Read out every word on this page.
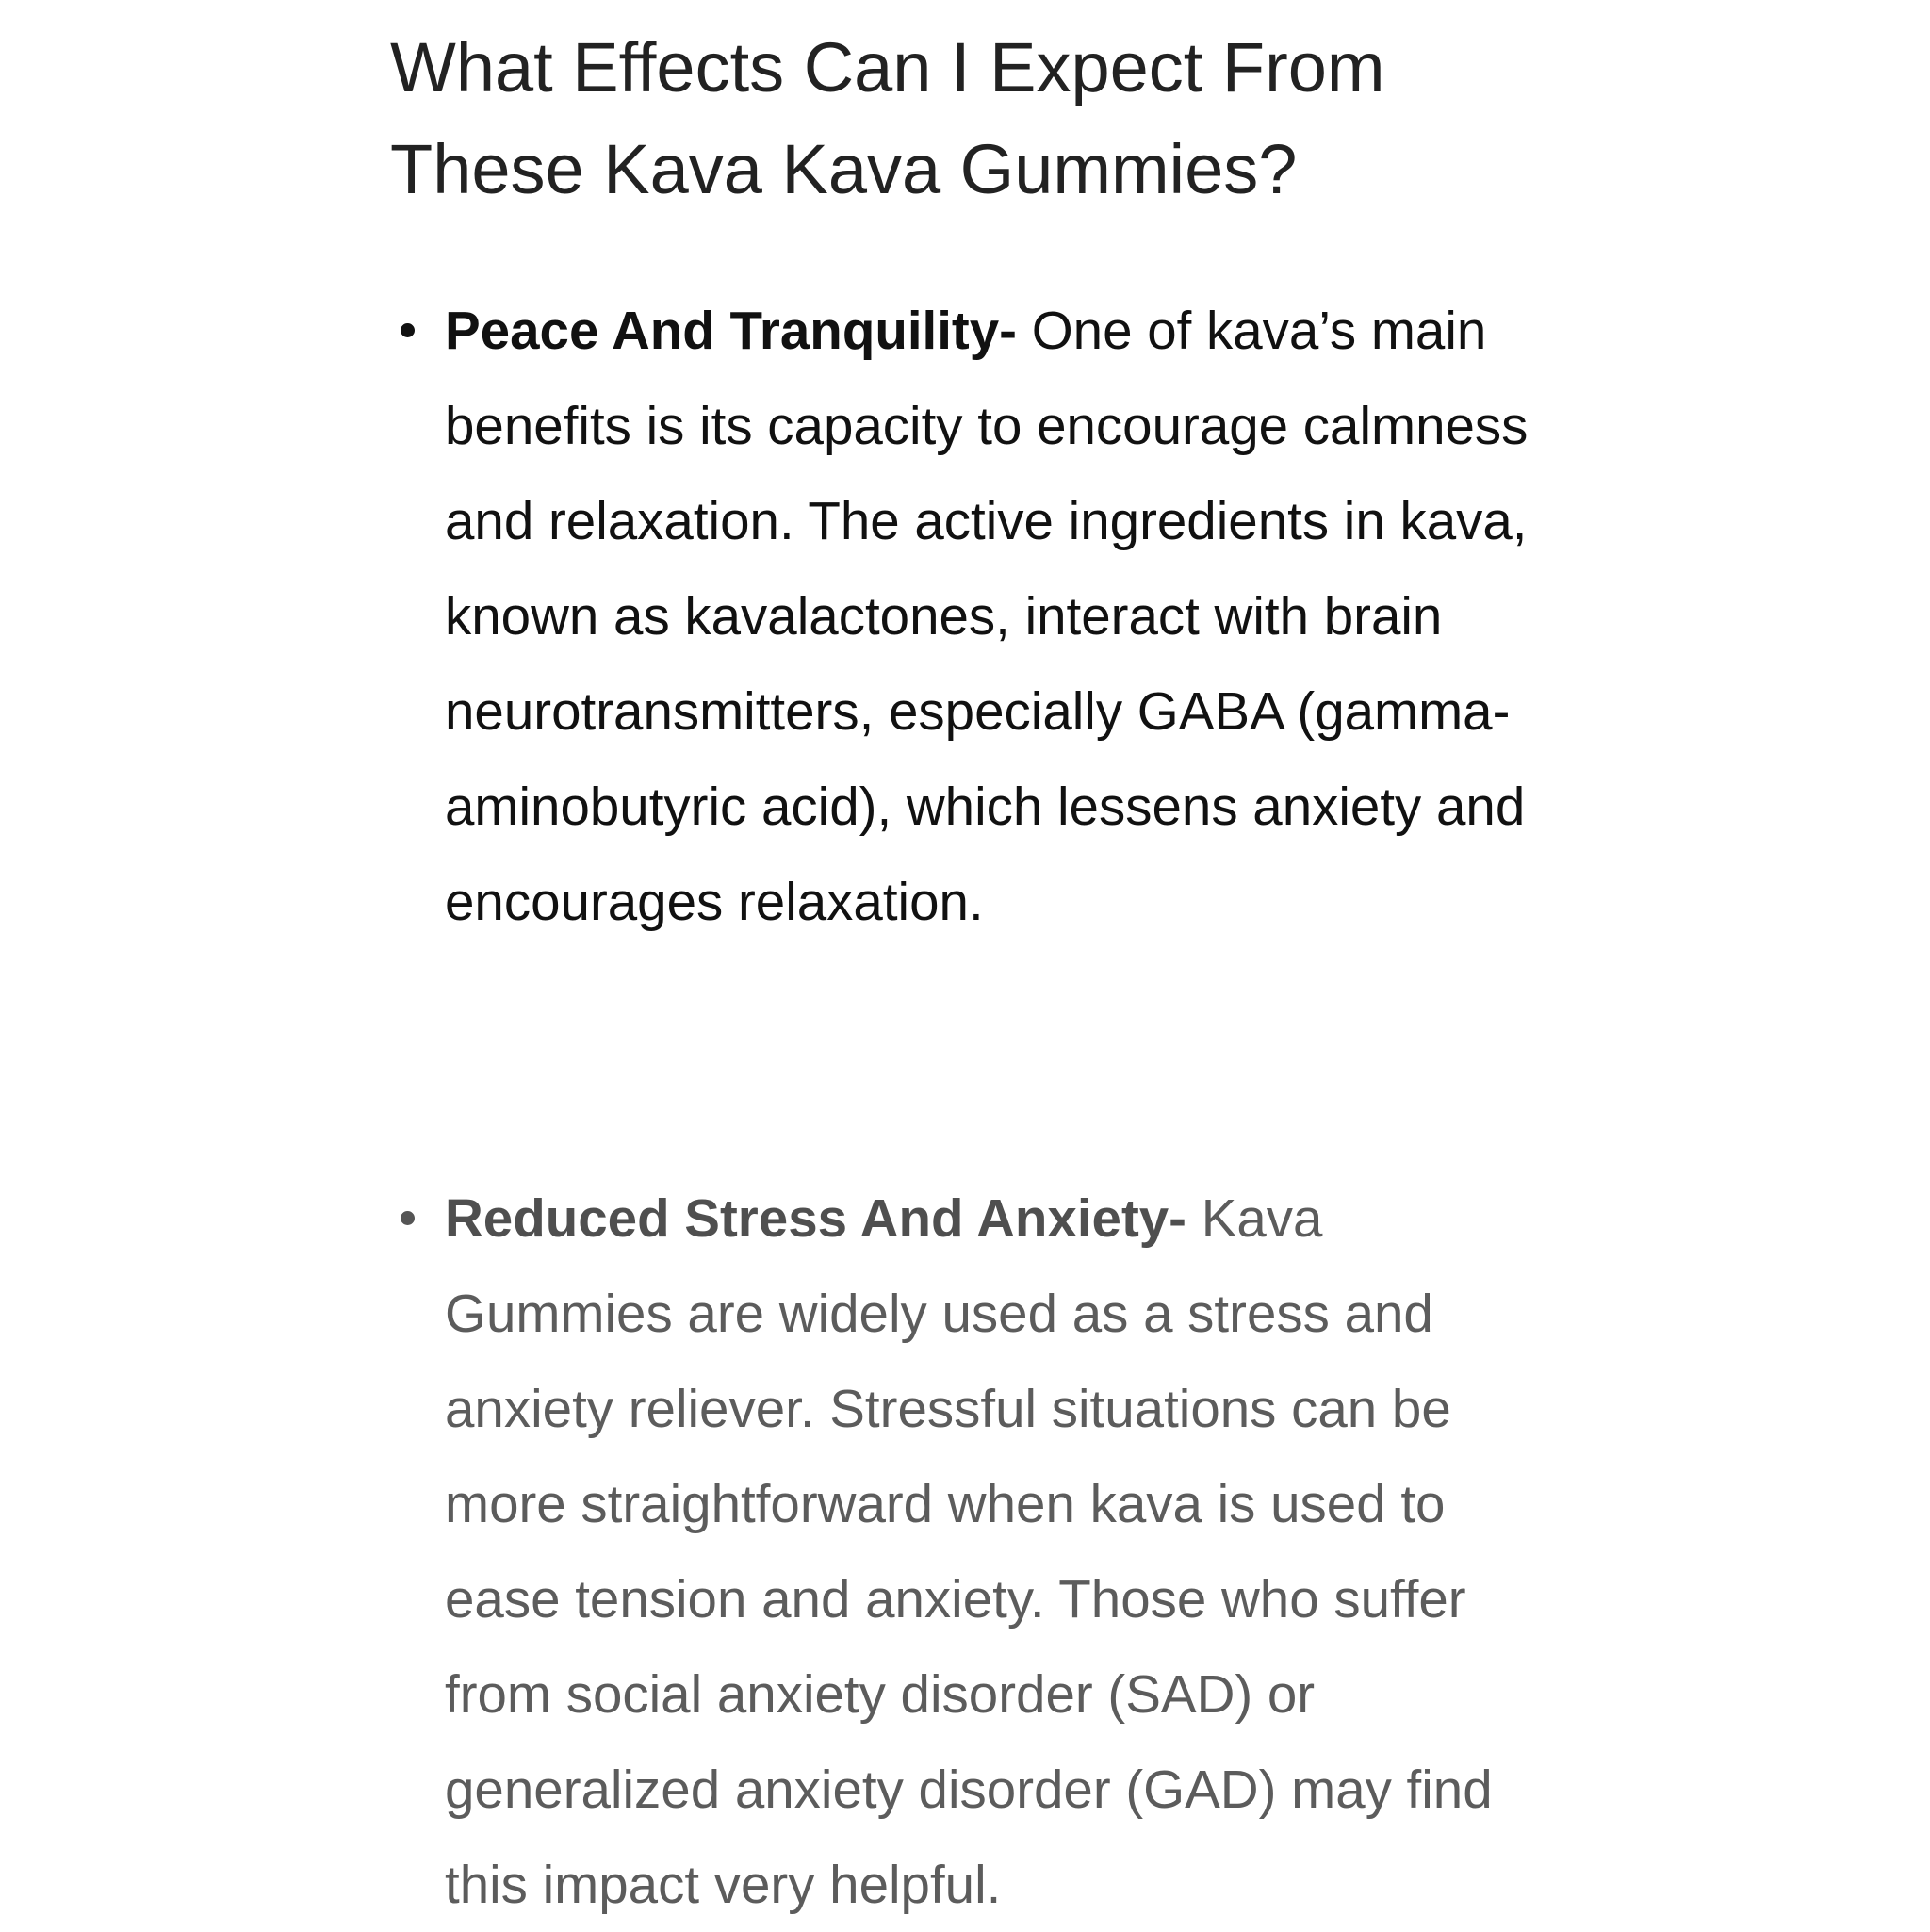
What Effects Can I Expect From These Kava Kava Gummies?
Peace And Tranquility- One of kava’s main benefits is its capacity to encourage calmness and relaxation. The active ingredients in kava, known as kavalactones, interact with brain neurotransmitters, especially GABA (gamma-aminobutyric acid), which lessens anxiety and encourages relaxation.
Reduced Stress And Anxiety- Kava Gummies are widely used as a stress and anxiety reliever. Stressful situations can be more straightforward when kava is used to ease tension and anxiety. Those who suffer from social anxiety disorder (SAD) or generalized anxiety disorder (GAD) may find this impact very helpful.
